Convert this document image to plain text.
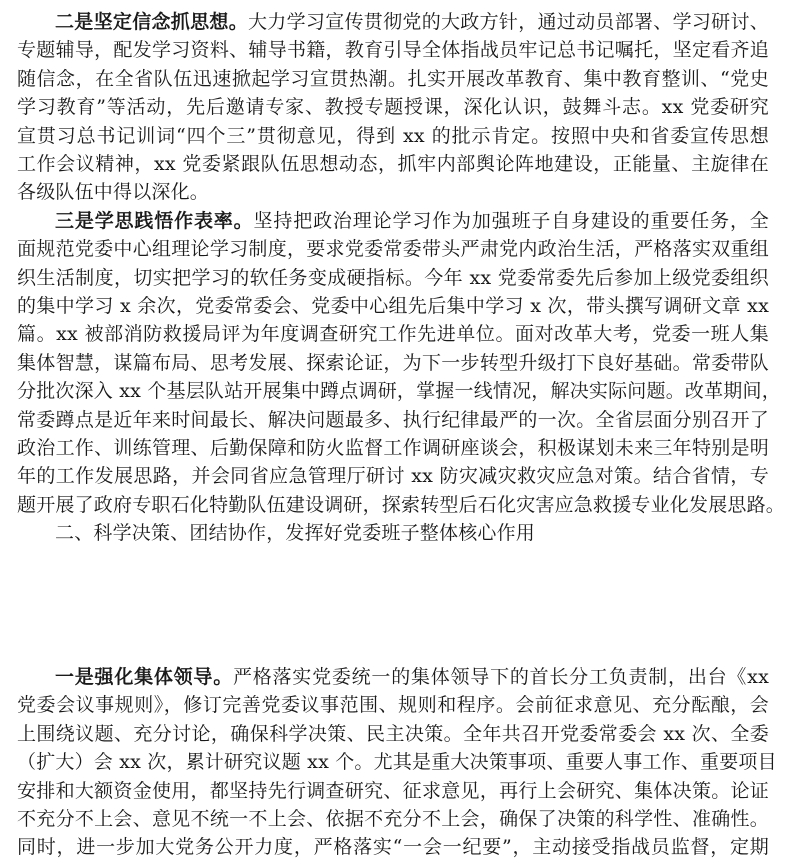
二是坚定信念抓思想。大力学习宣传贯彻党的大政方针，通过动员部署、学习研讨、
专题辅导，配发学习资料、辅导书籍，教育引导全体指战员牢记总书记嘱托，坚定看齐追
随信念，在全省队伍迅速掀起学习宣贯热潮。扎实开展改革教育、集中教育整训、“党史
学习教育”等活动，先后邀请专家、教授专题授课，深化认识，鼓舞斗志。xx 党委研究
宣贯习总书记训词“四个三”贯彻意见，得到 xx 的批示肯定。按照中央和省委宣传思想
工作会议精神，xx 党委紧跟队伍思想动态，抓牢内部舆论阵地建设，正能量、主旋律在
各级队伍中得以深化。
三是学思践悟作表率。坚持把政治理论学习作为加强班子自身建设的重要任务，全
面规范党委中心组理论学习制度，要求党委常委带头严肃党内政治生活，严格落实双重组
织生活制度，切实把学习的软任务变成硬指标。今年 xx 党委常委先后参加上级党委组织
的集中学习 x 余次，党委常委会、党委中心组先后集中学习 x 次，带头撰写调研文章 xx
篇。xx 被部消防救援局评为年度调查研究工作先进单位。面对改革大考，党委一班人集
集体智慧，谋篇布局、思考发展、探索论证，为下一步转型升级打下良好基础。常委带队
分批次深入 xx 个基层队站开展集中蹲点调研，掌握一线情况，解决实际问题。改革期间，
常委蹲点是近年来时间最长、解决问题最多、执行纪律最严的一次。全省层面分别召开了
政治工作、训练管理、后勤保障和防火监督工作调研座谈会，积极谋划未来三年特别是明
年的工作发展思路，并会同省应急管理厅研讨 xx 防灾减灾救灾应急对策。结合省情，专
题开展了政府专职石化特勤队伍建设调研，探索转型后石化灾害应急救援专业化发展思路。
二、科学决策、团结协作，发挥好党委班子整体核心作用
一是强化集体领导。严格落实党委统一的集体领导下的首长分工负责制，出台《xx
党委会议事规则》，修订完善党委议事范围、规则和程序。会前征求意见、充分酝酿，会
上围绕议题、充分讨论，确保科学决策、民主决策。全年共召开党委常委会 xx 次、全委
（扩大）会 xx 次，累计研究议题 xx 个。尤其是重大决策事项、重要人事工作、重要项目
安排和大额资金使用，都坚持先行调查研究、征求意见，再行上会研究、集体决策。论证
不充分不上会、意见不统一不上会、依据不充分不上会，确保了决策的科学性、准确性。
同时，进一步加大党务公开力度，严格落实“一会一纪要”，主动接受指战员监督，定期
